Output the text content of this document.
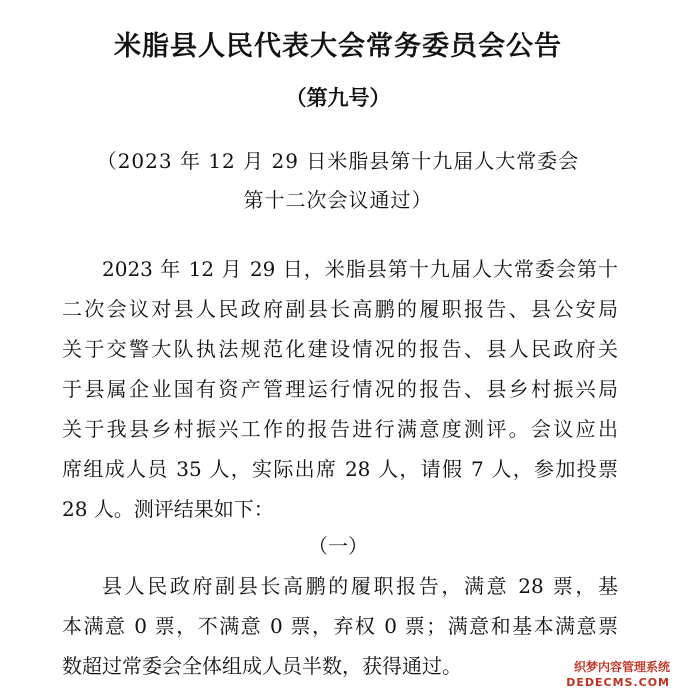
米脂县人民代表大会常务委员会公告
（第九号）
（2023 年 12 月 29 日米脂县第十九届人大常委会
第十二次会议通过）
2023 年 12 月 29 日，米脂县第十九届人大常委会第十
二次会议对县人民政府副县长高鹏的履职报告、县公安局
关于交警大队执法规范化建设情况的报告、县人民政府关
于县属企业国有资产管理运行情况的报告、县乡村振兴局
关于我县乡村振兴工作的报告进行满意度测评。会议应出
席组成人员 35 人，实际出席 28 人，请假 7 人，参加投票
28 人。测评结果如下：
（一）
县人民政府副县长高鹏的履职报告，满意 28 票，基
本满意 0 票，不满意 0 票，弃权 0 票；满意和基本满意票
数超过常委会全体组成人员半数，获得通过。	织梦内容管理系统
DEDECMS.COM
